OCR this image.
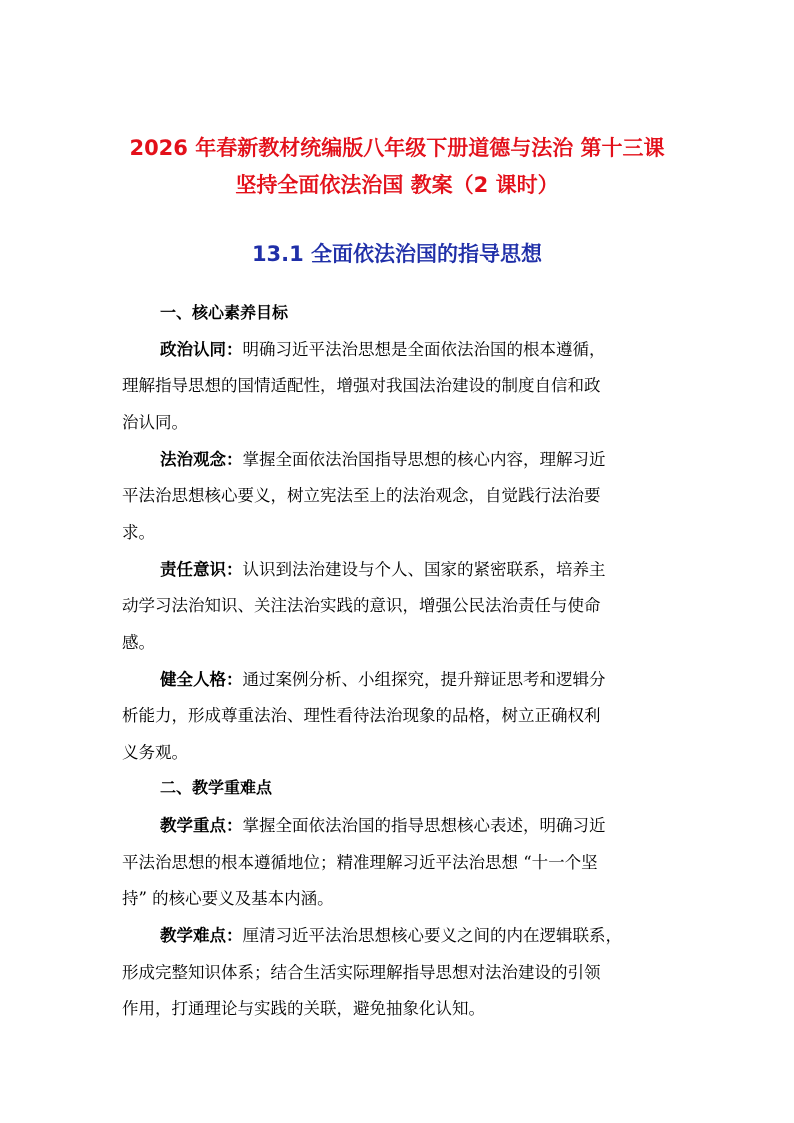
2026 年春新教材统编版八年级下册道德与法治 第十三课
坚持全面依法治国 教案（2 课时）
13.1 全面依法治国的指导思想
一、核心素养目标
政治认同：明确习近平法治思想是全面依法治国的根本遵循，
理解指导思想的国情适配性，增强对我国法治建设的制度自信和政
治认同。
法治观念：掌握全面依法治国指导思想的核心内容，理解习近
平法治思想核心要义，树立宪法至上的法治观念，自觉践行法治要
求。
责任意识：认识到法治建设与个人、国家的紧密联系，培养主
动学习法治知识、关注法治实践的意识，增强公民法治责任与使命
感。
健全人格：通过案例分析、小组探究，提升辩证思考和逻辑分
析能力，形成尊重法治、理性看待法治现象的品格，树立正确权利
义务观。
二、教学重难点
教学重点：掌握全面依法治国的指导思想核心表述，明确习近
平法治思想的根本遵循地位；精准理解习近平法治思想 “十一个坚
持” 的核心要义及基本内涵。
教学难点：厘清习近平法治思想核心要义之间的内在逻辑联系，
形成完整知识体系；结合生活实际理解指导思想对法治建设的引领
作用，打通理论与实践的关联，避免抽象化认知。
